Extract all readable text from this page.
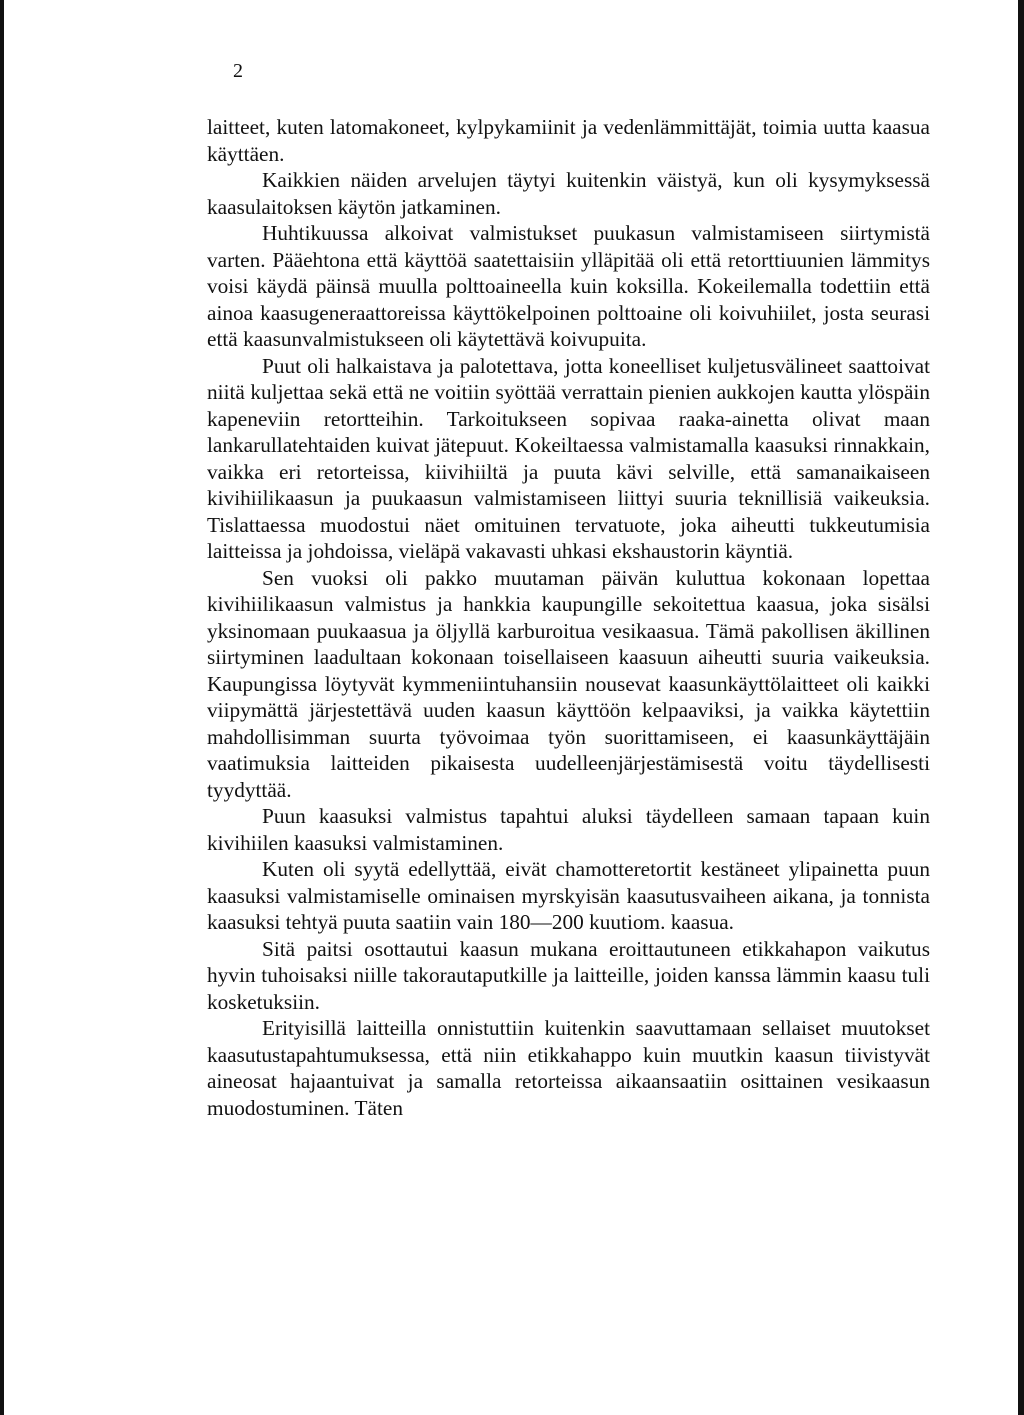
2

laitteet, kuten latomakoneet, kylpykamiinit ja vedenlämmittäjät, toimia uutta kaasua käyttäen.

Kaikkien näiden arvelujen täytyi kuitenkin väistyä, kun oli kysymyksessä kaasulaitoksen käytön jatkaminen.

Huhtikuussa alkoivat valmistukset puukasun valmistamiseen siirtymistä varten. Pääehtona että käyttöä saatettaisiin ylläpitää oli että retorttiuunien lämmitys voisi käydä päinsä muulla polttoaineella kuin koksilla. Kokeilemalla todettiin että ainoa kaasugeneraattoreissa käyttökelpoinen polttoaine oli koivuhiilet, josta seurasi että kaasunvalmistukseen oli käytettävä koivupuita.

Puut oli halkaistava ja palotettava, jotta koneelliset kuljetusvälineet saattoivat niitä kuljettaa sekä että ne voitiin syöttää verrattain pienien aukkojen kautta ylöspäin kapeneviin retortteihin. Tarkoitukseen sopivaa raaka-ainetta olivat maan lankarullatehtaiden kuivat jätepuut. Kokeiltaessa valmistamalla kaasuksi rinnakkain, vaikka eri retorteissa, kiivihiiltä ja puuta kävi selville, että samanaikaiseen kivihiilikaasun ja puukaasun valmistamiseen liittyi suuria teknillisiä vaikeuksia. Tislattaessa muodostui näet omituinen tervatuote, joka aiheutti tukkeutumisia laitteissa ja johdoissa, vieläpä vakavasti uhkasi ekshaustorin käyntiä.

Sen vuoksi oli pakko muutaman päivän kuluttua kokonaan lopettaa kivihiilikaasun valmistus ja hankkia kaupungille sekoitettua kaasua, joka sisälsi yksinomaan puukaasua ja öljyllä karburoitua vesikaasua. Tämä pakollisen äkillinen siirtyminen laadultaan kokonaan toisellaiseen kaasuun aiheutti suuria vaikeuksia. Kaupungissa löytyvät kymmeniintuhansiin nousevat kaasunkäyttölaitteet oli kaikki viipymättä järjestettävä uuden kaasun käyttöön kelpaaviksi, ja vaikka käytettiin mahdollisimman suurta työvoimaa työn suorittamiseen, ei kaasunkäyttäjäin vaatimuksia laitteiden pikaisesta uudelleenjärjestämisestä voitu täydellisesti tyydyttää.

Puun kaasuksi valmistus tapahtui aluksi täydelleen samaan tapaan kuin kivihiilen kaasuksi valmistaminen.

Kuten oli syytä edellyttää, eivät chamotteretortit kestäneet ylipainetta puun kaasuksi valmistamiselle ominaisen myrskyisän kaasutusvaiheen aikana, ja tonnista kaasuksi tehtyä puuta saatiin vain 180—200 kuutiom. kaasua.

Sitä paitsi osottautui kaasun mukana eroittautuneen etikkahapon vaikutus hyvin tuhoisaksi niille takorautaputkille ja laitteille, joiden kanssa lämmin kaasu tuli kosketuksiin.

Erityisillä laitteilla onnistuttiin kuitenkin saavuttamaan sellaiset muutokset kaasutustapahtumuksessa, että niin etikkahappo kuin muutkin kaasun tiivistyvät aineosat hajaantuivat ja samalla retorteissa aikaansaatiin osittainen vesikaasun muodostuminen. Täten
